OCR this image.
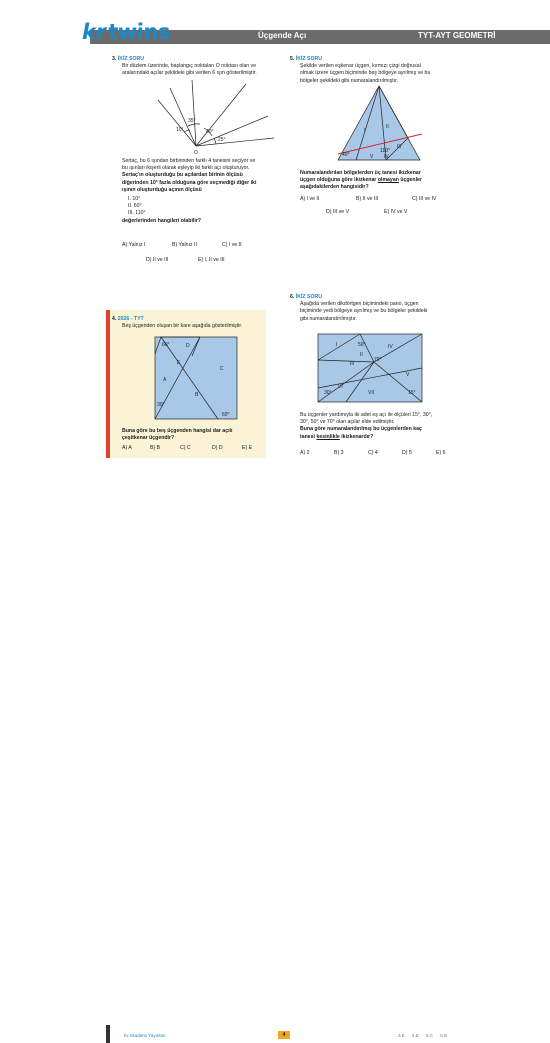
kr twins	Üçgende Açı	TYT-AYT GEOMETRİ
3. İKİZ SORU
Bir düzlem üzerinde, başlangıç noktaları O noktası olan ve
aralarındaki açılar şekildeki gibi verilen 6 ışın gösterilmiştir.
10°
35°
40°
25°
O
Sertaç, bu 6 ışından birbirinden farklı 4 tanesini seçiyor ve
bu ışınları ikişerli olarak eşleyip iki farklı açı oluşturuyor.
Sertaç'ın oluşturduğu bu açılardan birinin ölçüsü
diğerinden 10° fazla olduğuna göre seçmediği diğer iki
ışının oluşturduğu açının ölçüsü
I. 10°
II. 60°
III. 110°
değerlerinden hangileri olabilir?
A) Yalnız I	B) Yalnız II	C) I ve II
D) II ve III	E) I, II ve III
4. 2026 - TYT
Beş üçgenden oluşan bir kare aşağıda gösterilmiştir.
60°	D
E
A
C
B
30°
60°
Buna göre bu beş üçgenden hangisi dar açılı
çeşitkenar üçgendir?
A) A	B) B	C) C	D) D	E) E
5. İKİZ SORU
Şekilde verilen eşkenar üçgen, kırmızı çizgi doğrusal
olmak üzere üçgen biçiminde beş bölgeye ayrılmış ve bu
bölgeler şekildeki gibi numaralandırılmıştır.
I
II
III
IV
V
40°
110°
Numaralandırılan bölgelerden üç tanesi ikizkenar
üçgen olduğuna göre ikizkenar olmayan üçgenler
aşağıdakilerden hangisidir?
A) I ve II	B) II ve III	C) III ve IV
D) III ve V	E) IV ve V
6. İKİZ SORU
Aşağıda verilen dikdörtgen biçimindeki pano, üçgen
biçiminde yedi bölgeye ayrılmış ve bu bölgeler şekildeki
gibi numaralandırılmıştır.
I
II
III
IV
V
VI
VII
50°
70°
30°	15°
Bu üçgenler yardımıyla iki adet eş açı ile ölçüleri 15°, 30°,
30°, 50° ve 70° olan açılar elde edilmiştir.
Buna göre numaralandırılmış bu üçgenlerden kaç
tanesi kesinlikle ikizkenardır?
A) 2	B) 3	C) 4	D) 5	E) 6
Kr Akademi Yayınları	4	3.E 4.E 5.C 6.B
